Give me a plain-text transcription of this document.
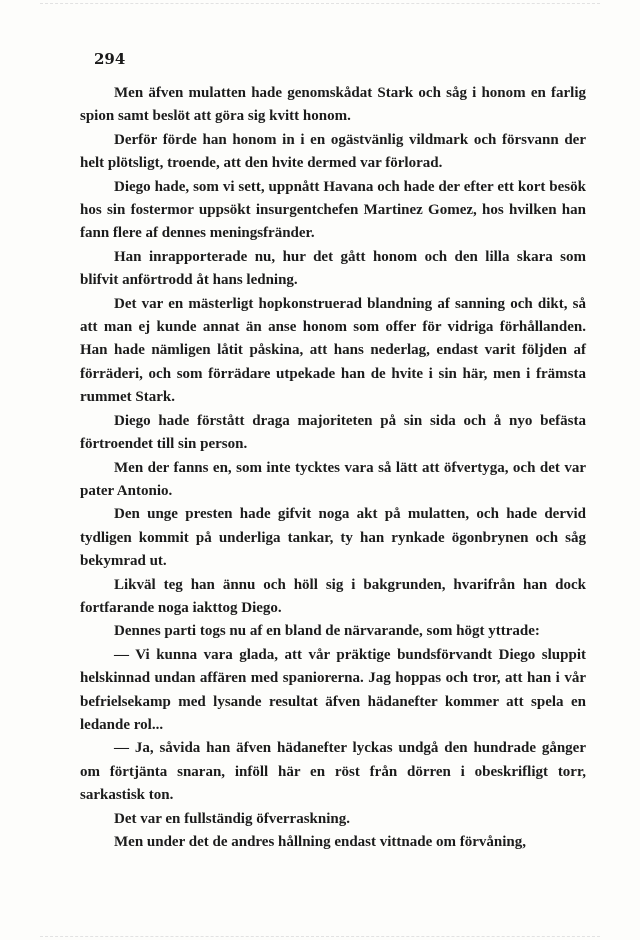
294

Men äfven mulatten hade genomskådat Stark och såg i honom en farlig spion samt beslöt att göra sig kvitt honom.

Derför förde han honom in i en ogästvänlig vildmark och försvann der helt plötsligt, troende, att den hvite dermed var förlorad.

Diego hade, som vi sett, uppnått Havana och hade der efter ett kort besök hos sin fostermor uppsökt insurgentchefen Martinez Gomez, hos hvilken han fann flere af dennes meningsfränder.

Han inrapporterade nu, hur det gått honom och den lilla skara som blifvit anförtrodd åt hans ledning.

Det var en mästerligt hopkonstruerad blandning af sanning och dikt, så att man ej kunde annat än anse honom som offer för vidriga förhållanden. Han hade nämligen låtit påskina, att hans nederlag, endast varit följden af förräderi, och som förrädare utpekade han de hvite i sin här, men i främsta rummet Stark.

Diego hade förstått draga majoriteten på sin sida och å nyo befästa förtroendet till sin person.

Men der fanns en, som inte tycktes vara så lätt att öfvertyga, och det var pater Antonio.

Den unge presten hade gifvit noga akt på mulatten, och hade dervid tydligen kommit på underliga tankar, ty han rynkade ögonbrynen och såg bekymrad ut.

Likväl teg han ännu och höll sig i bakgrunden, hvarifrån han dock fortfarande noga iakttog Diego.

Dennes parti togs nu af en bland de närvarande, som högt yttrade:

— Vi kunna vara glada, att vår präktige bundsförvandt Diego sluppit helskinnad undan affären med spaniorerna. Jag hoppas och tror, att han i vår befrielsekamp med lysande resultat äfven hädanefter kommer att spela en ledande rol...

— Ja, såvida han äfven hädanefter lyckas undgå den hundrade gånger om förtjänta snaran, inföll här en röst från dörren i obeskrifligt torr, sarkastisk ton.

Det var en fullständig öfverraskning.

Men under det de andres hållning endast vittnade om förvåning,
